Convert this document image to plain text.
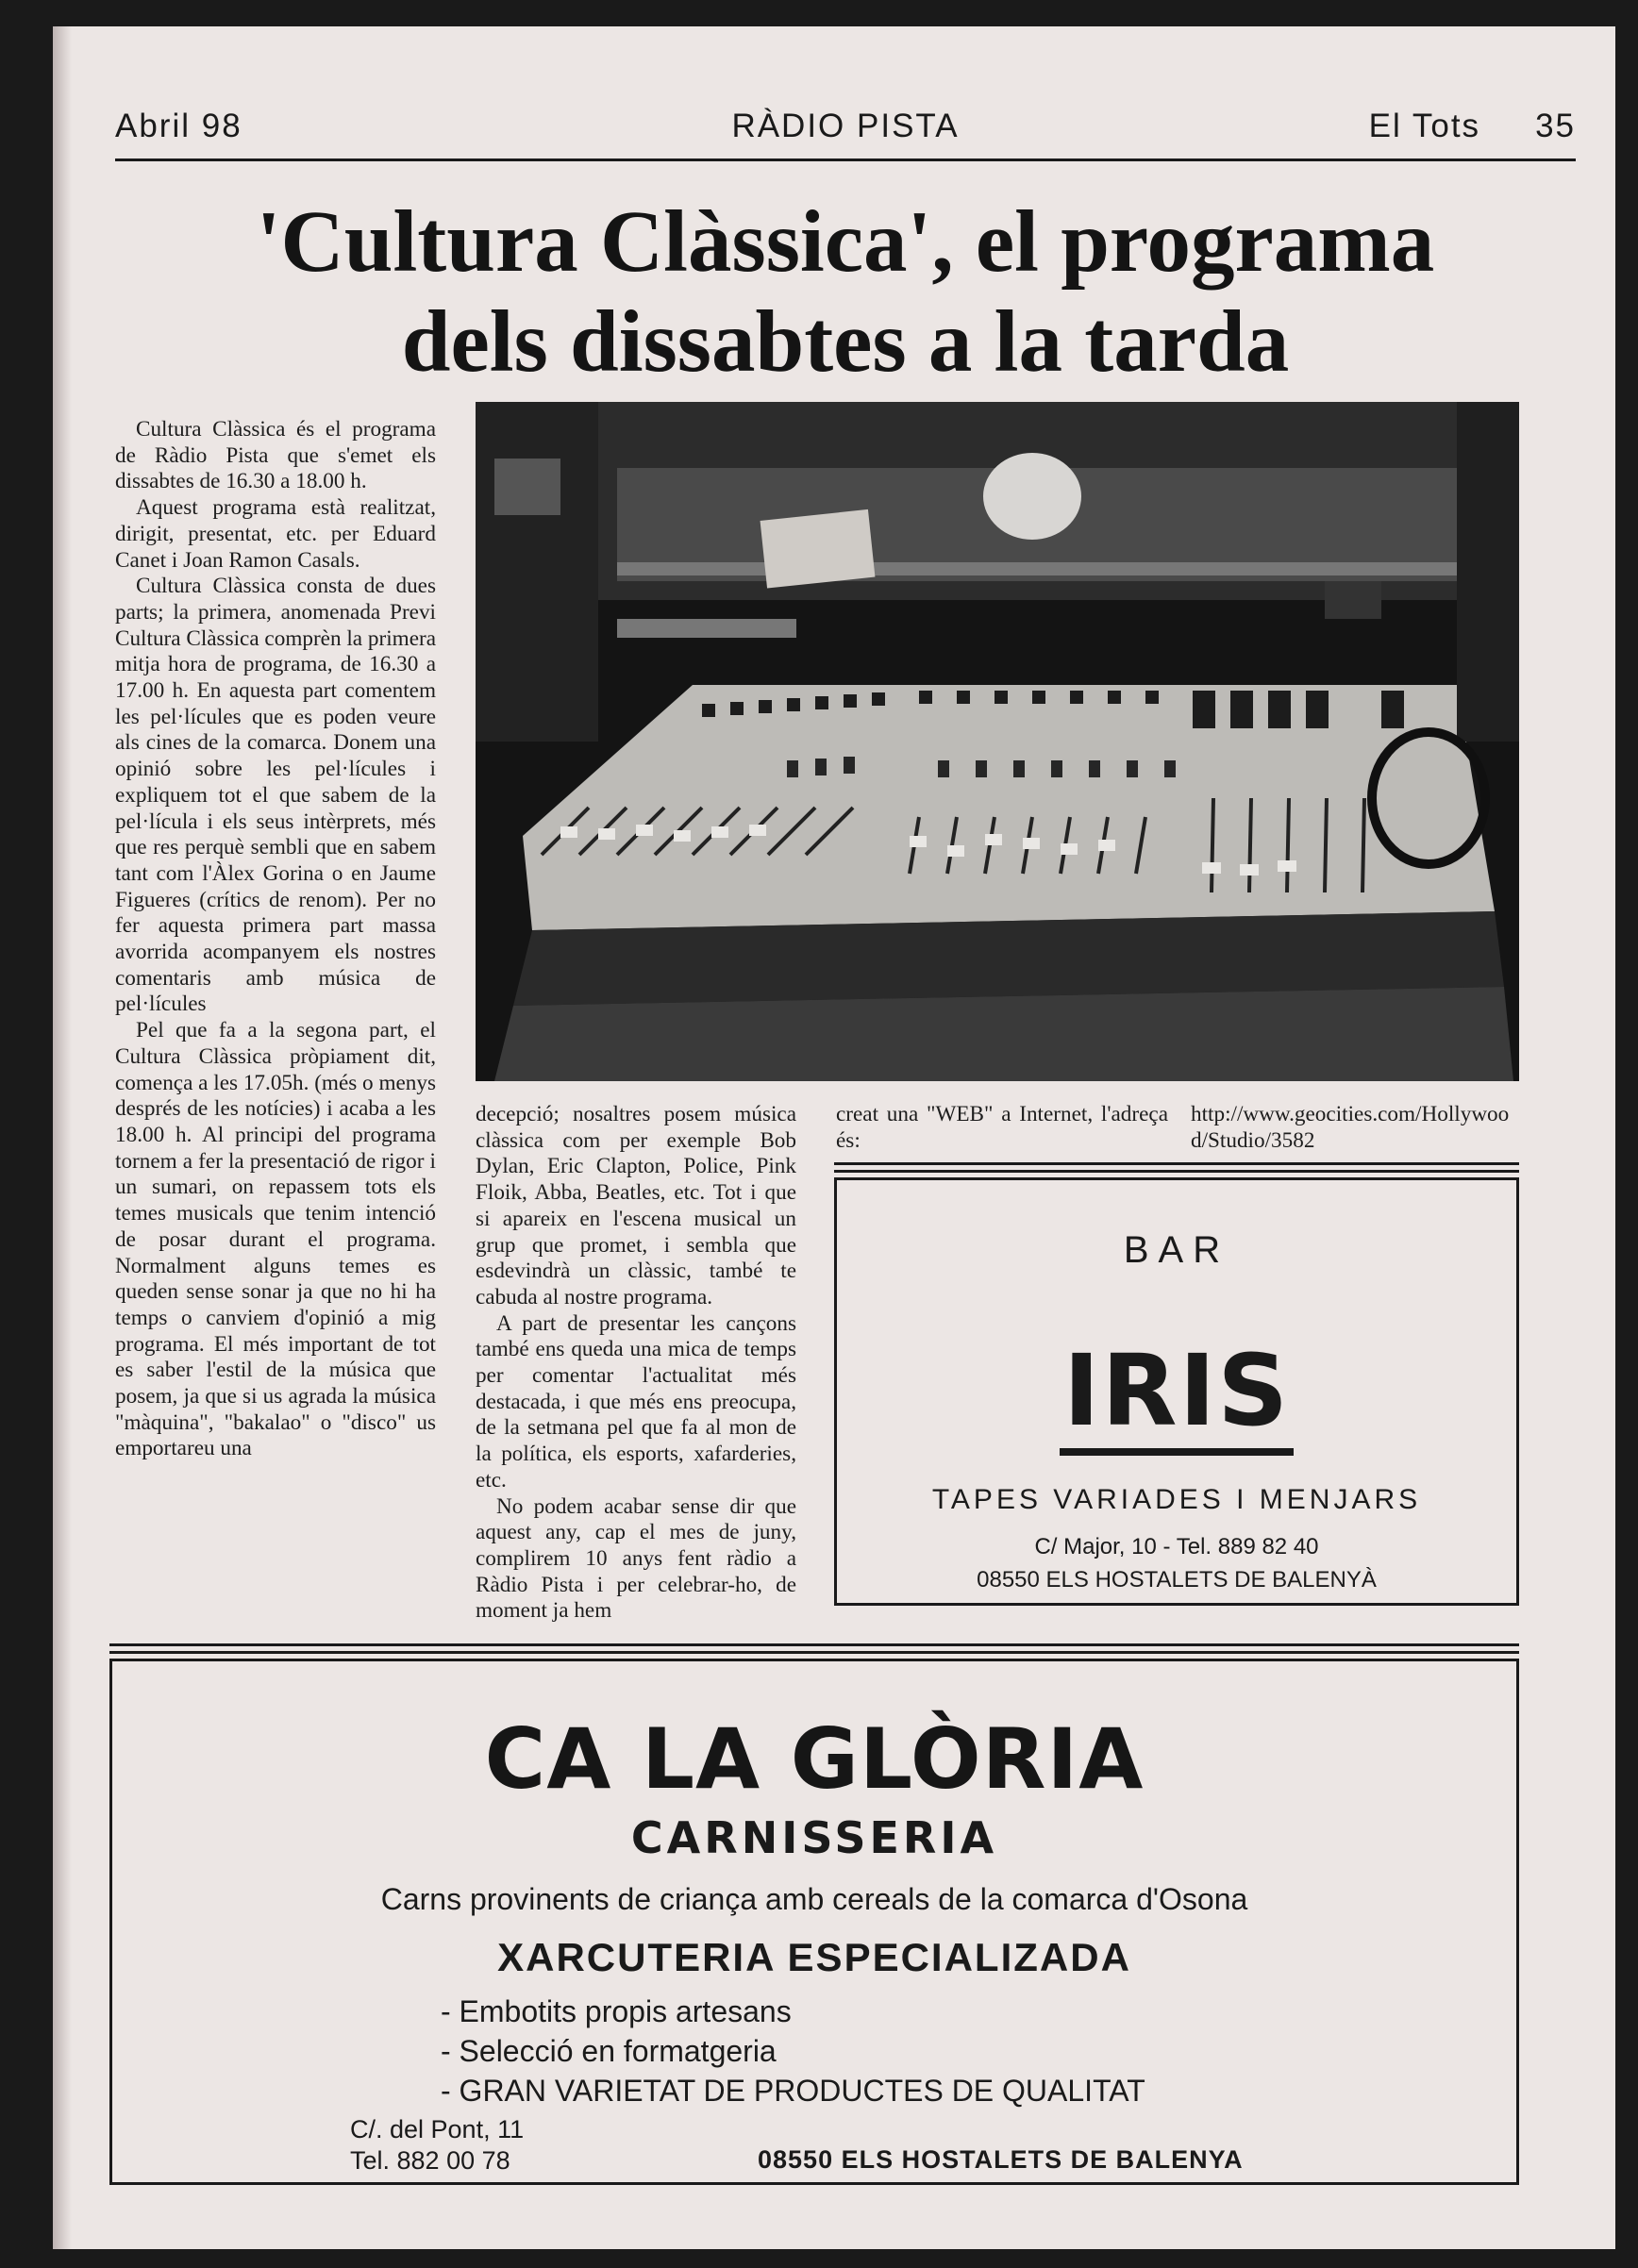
Abril 98	RÀDIO PISTA	El Tots 35
'Cultura Clàssica', el programa
dels dissabtes a la tarda

Cultura Clàssica és el programa de Ràdio Pista que s'emet els dissabtes de 16.30 a 18.00 h.

Aquest programa està realitzat, dirigit, presentat, etc. per Eduard Canet i Joan Ramon Casals.

Cultura Clàssica consta de dues parts; la primera, anomenada Previ Cultura Clàssica comprèn la primera mitja hora de programa, de 16.30 a 17.00 h. En aquesta part comentem les pel·lícules que es poden veure als cines de la comarca. Donem una opinió sobre les pel·lícules i expliquem tot el que sabem de la pel·lícula i els seus intèrprets, més que res perquè sembli que en sabem tant com l'Àlex Gorina o en Jaume Figueres (crítics de renom). Per no fer aquesta primera part massa avorrida acompanyem els nostres comentaris amb música de pel·lícules

Pel que fa a la segona part, el Cultura Clàssica pròpiament dit, comença a les 17.05h. (més o menys després de les notícies) i acaba a les 18.00 h. Al principi del programa tornem a fer la presentació de rigor i un sumari, on repassem tots els temes musicals que tenim intenció de posar durant el programa. Normalment alguns temes es queden sense sonar ja que no hi ha temps o canviem d'opinió a mig programa. El més important de tot es saber l'estil de la música que posem, ja que si us agrada la música "màquina", "bakalao" o "disco" us emportareu una

decepció; nosaltres posem música clàssica com per exemple Bob Dylan, Eric Clapton, Police, Pink Floik, Abba, Beatles, etc. Tot i que si apareix en l'escena musical un grup que promet, i sembla que esdevindrà un clàssic, també te cabuda al nostre programa.

A part de presentar les cançons també ens queda una mica de temps per comentar l'actualitat més destacada, i que més ens preocupa, de la setmana pel que fa al mon de la política, els esports, xafarderies, etc.

No podem acabar sense dir que aquest any, cap el mes de juny, complirem 10 anys fent ràdio a Ràdio Pista i per celebrar-ho, de moment ja hem

creat una "WEB" a Internet, l'adreça és:

http://www.geocities.com/Hollywood/Studio/3582

BAR
IRIS
TAPES VARIADES I MENJARS
C/ Major, 10 - Tel. 889 82 40
08550 ELS HOSTALETS DE BALENYÀ
CA LA GLÒRIA
CARNISSERIA
Carns provinents de criança amb cereals de la comarca d'Osona
XARCUTERIA ESPECIALIZADA
- Embotits propis artesans
- Selecció en formatgeria
- GRAN VARIETAT DE PRODUCTES DE QUALITAT
C/. del Pont, 11
Tel. 882 00 78	08550 ELS HOSTALETS DE BALENYA
